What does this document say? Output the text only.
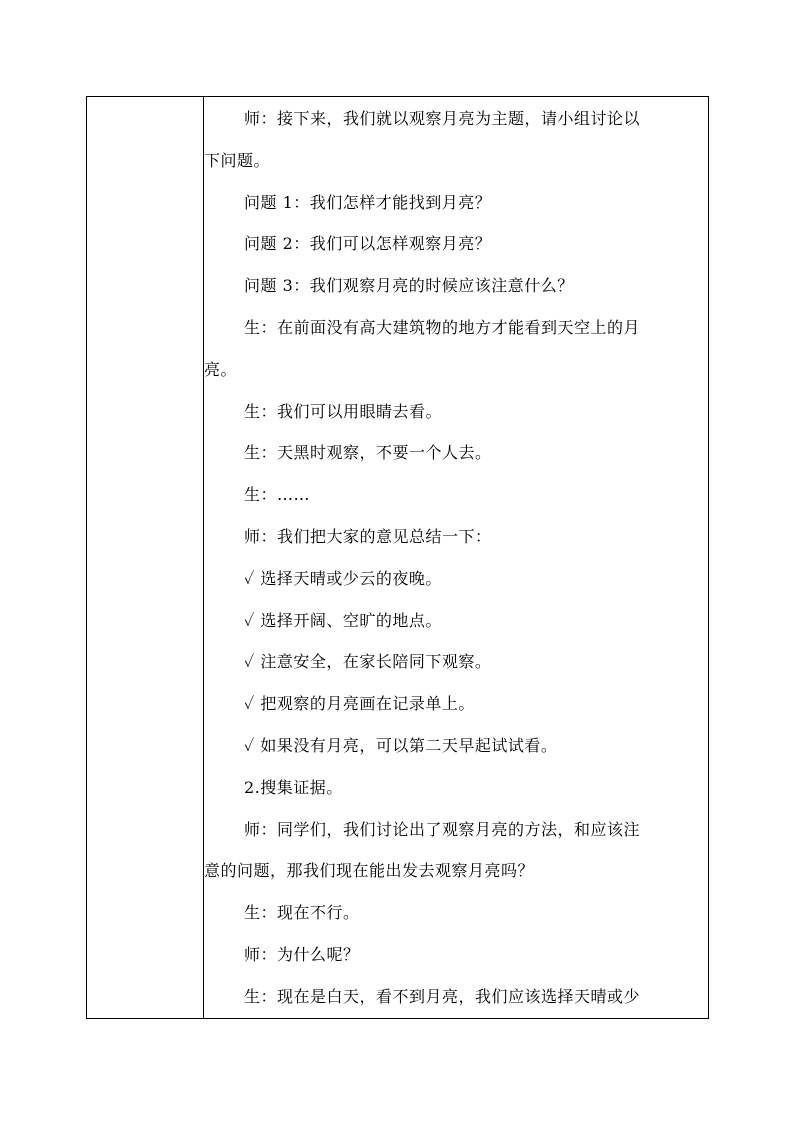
师：接下来，我们就以观察月亮为主题，请小组讨论以
下问题。
问题 1：我们怎样才能找到月亮？
问题 2：我们可以怎样观察月亮？
问题 3：我们观察月亮的时候应该注意什么？
生：在前面没有高大建筑物的地方才能看到天空上的月
亮。
生：我们可以用眼睛去看。
生：天黑时观察，不要一个人去。
生：……
师：我们把大家的意见总结一下：
✓ 选择天晴或少云的夜晚。
✓ 选择开阔、空旷的地点。
✓ 注意安全，在家长陪同下观察。
✓ 把观察的月亮画在记录单上。
✓ 如果没有月亮，可以第二天早起试试看。
2.搜集证据。
师：同学们，我们讨论出了观察月亮的方法，和应该注
意的问题，那我们现在能出发去观察月亮吗？
生：现在不行。
师：为什么呢？
生：现在是白天，看不到月亮，我们应该选择天晴或少
